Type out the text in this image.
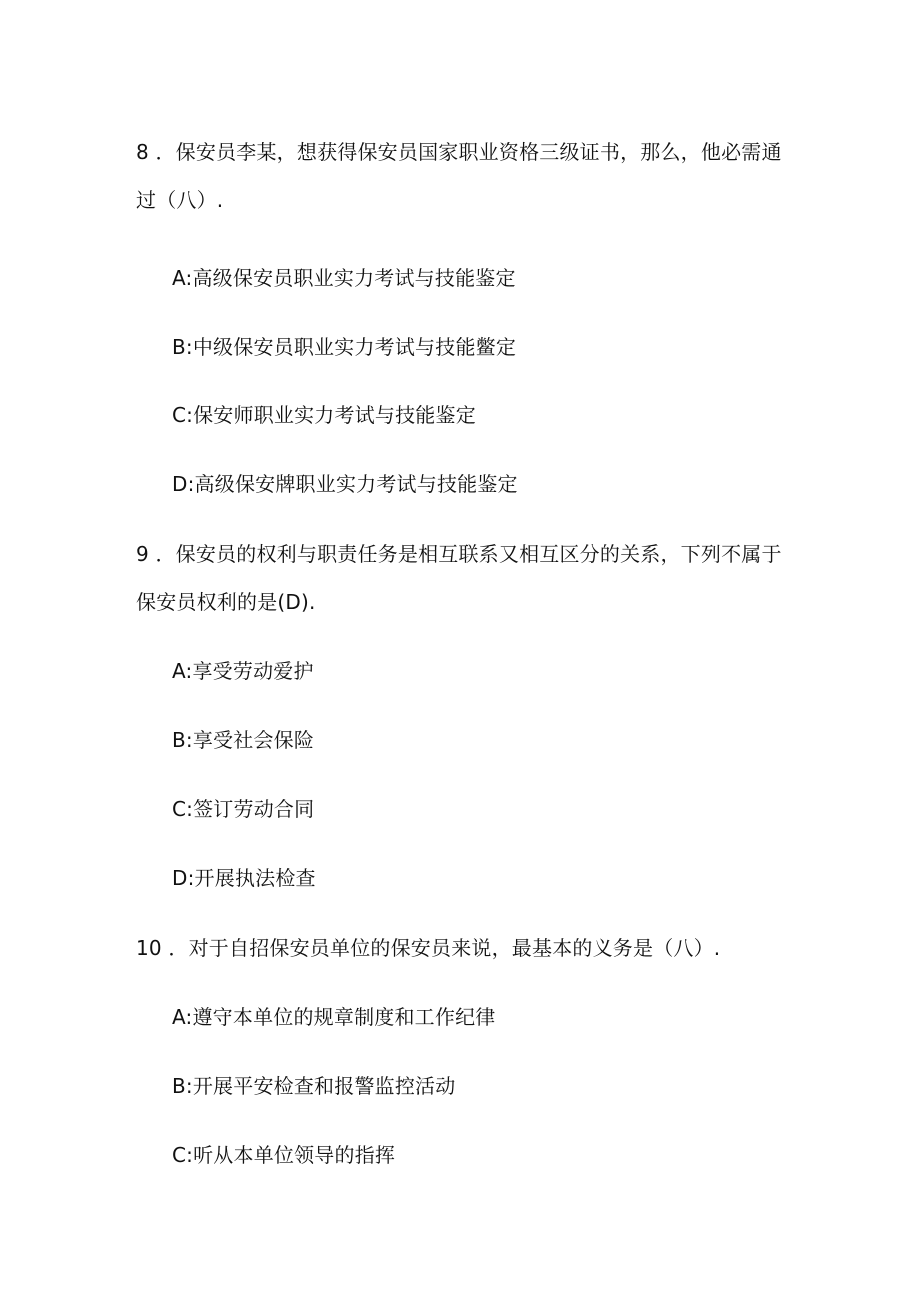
8 ．保安员李某，想获得保安员国家职业资格三级证书，那么，他必需通
过（八）.
A:高级保安员职业实力考试与技能鉴定
B:中级保安员职业实力考试与技能鳖定
C:保安师职业实力考试与技能鉴定
D:高级保安牌职业实力考试与技能鉴定
9 ．保安员的权利与职责任务是相互联系又相互区分的关系，下列不属于
保安员权利的是(D).
A:享受劳动爱护
B:享受社会保险
C:签订劳动合同
D:开展执法检查
10 ．对于自招保安员单位的保安员来说，最基本的义务是（八）.
A:遵守本单位的规章制度和工作纪律
B:开展平安检查和报警监控活动
C:听从本单位领导的指挥
